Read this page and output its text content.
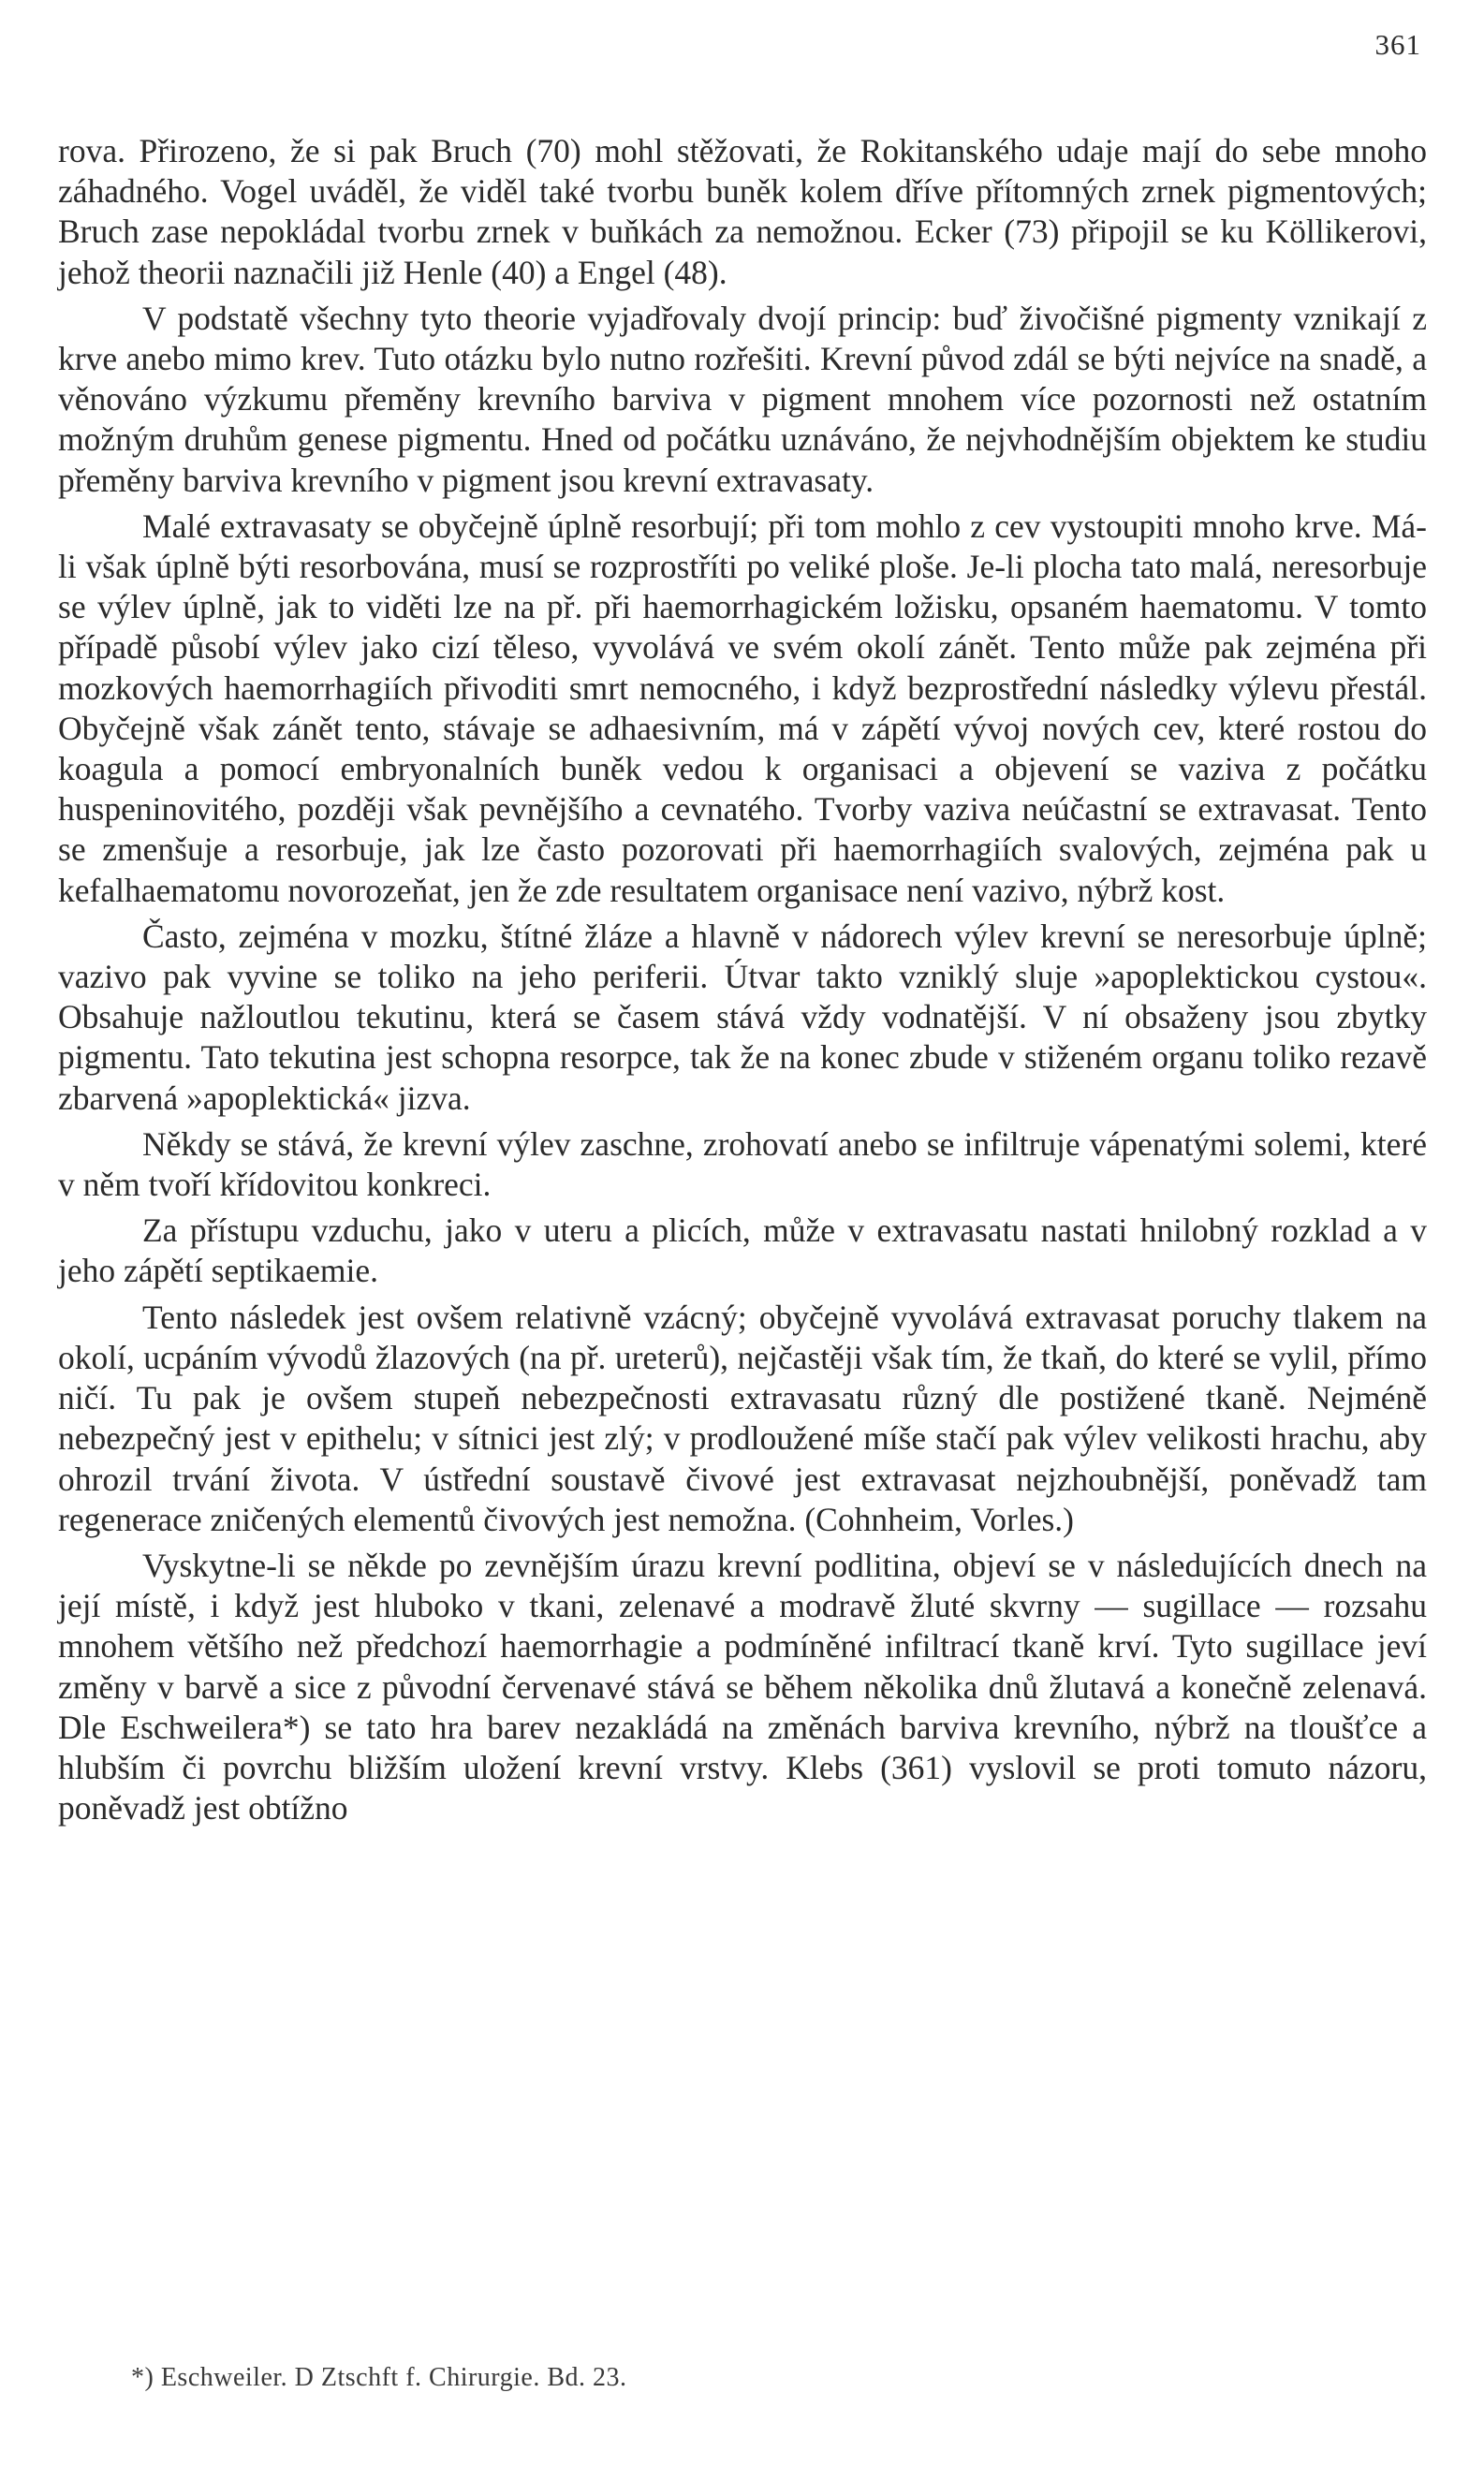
361

rova. Přirozeno, že si pak Bruch (70) mohl stěžovati, že Rokitanského udaje mají do sebe mnoho záhadného. Vogel uváděl, že viděl také tvorbu buněk kolem dříve přítomných zrnek pigmentových; Bruch zase nepokládal tvorbu zrnek v buňkách za nemožnou. Ecker (73) připojil se ku Köllikerovi, jehož theorii naznačili již Henle (40) a Engel (48).

V podstatě všechny tyto theorie vyjadřovaly dvojí princip: buď živočišné pigmenty vznikají z krve anebo mimo krev. Tuto otázku bylo nutno rozřešiti. Krevní původ zdál se býti nejvíce na snadě, a věnováno výzkumu přeměny krevního barviva v pigment mnohem více pozornosti než ostatním možným druhům genese pigmentu. Hned od počátku uznáváno, že nejvhodnějším objektem ke studiu přeměny barviva krevního v pigment jsou krevní extravasaty.

Malé extravasaty se obyčejně úplně resorbují; při tom mohlo z cev vystoupiti mnoho krve. Má-li však úplně býti resorbována, musí se rozprostříti po veliké ploše. Je-li plocha tato malá, neresorbuje se výlev úplně, jak to viděti lze na př. při haemorrhagickém ložisku, opsaném haematomu. V tomto případě působí výlev jako cizí těleso, vyvolává ve svém okolí zánět. Tento může pak zejména při mozkových haemorrhagiích přivoditi smrt nemocného, i když bezprostřední následky výlevu přestál. Obyčejně však zánět tento, stávaje se adhaesivním, má v zápětí vývoj nových cev, které rostou do koagula a pomocí embryonalních buněk vedou k organisaci a objevení se vaziva z počátku huspeninovitého, později však pevnějšího a cevnatého. Tvorby vaziva neúčastní se extravasat. Tento se zmenšuje a resorbuje, jak lze často pozorovati při haemorrhagiích svalových, zejména pak u kefalhaematomu novorozeňat, jen že zde resultatem organisace není vazivo, nýbrž kost.

Často, zejména v mozku, štítné žláze a hlavně v nádorech výlev krevní se neresorbuje úplně; vazivo pak vyvine se toliko na jeho periferii. Útvar takto vzniklý sluje »apoplektickou cystou«. Obsahuje nažloutlou tekutinu, která se časem stává vždy vodnatější. V ní obsaženy jsou zbytky pigmentu. Tato tekutina jest schopna resorpce, tak že na konec zbude v stiženém organu toliko rezavě zbarvená »apoplektická« jizva.

Někdy se stává, že krevní výlev zaschne, zrohovatí anebo se infiltruje vápenatými solemi, které v něm tvoří křídovitou konkreci.

Za přístupu vzduchu, jako v uteru a plicích, může v extravasatu nastati hnilobný rozklad a v jeho zápětí septikaemie.

Tento následek jest ovšem relativně vzácný; obyčejně vyvolává extravasat poruchy tlakem na okolí, ucpáním vývodů žlazových (na př. ureterů), nejčastěji však tím, že tkaň, do které se vylil, přímo ničí. Tu pak je ovšem stupeň nebezpečnosti extravasatu různý dle postižené tkaně. Nejméně nebezpečný jest v epithelu; v sítnici jest zlý; v prodloužené míše stačí pak výlev velikosti hrachu, aby ohrozil trvání života. V ústřední soustavě čivové jest extravasat nejzhoubnější, poněvadž tam regenerace zničených elementů čivových jest nemožna. (Cohnheim, Vorles.)

Vyskytne-li se někde po zevnějším úrazu krevní podlitina, objeví se v následujících dnech na její místě, i když jest hluboko v tkani, zelenavé a modravě žluté skvrny — sugillace — rozsahu mnohem většího než předchozí haemorrhagie a podmíněné infiltrací tkaně krví. Tyto sugillace jeví změny v barvě a sice z původní červenavé stává se během několika dnů žlutavá a konečně zelenavá. Dle Eschweilera*) se tato hra barev nezakládá na změnách barviva krevního, nýbrž na tloušťce a hlubším či povrchu bližším uložení krevní vrstvy. Klebs (361) vyslovil se proti tomuto názoru, poněvadž jest obtížno

*) Eschweiler. D Ztschft f. Chirurgie. Bd. 23.
